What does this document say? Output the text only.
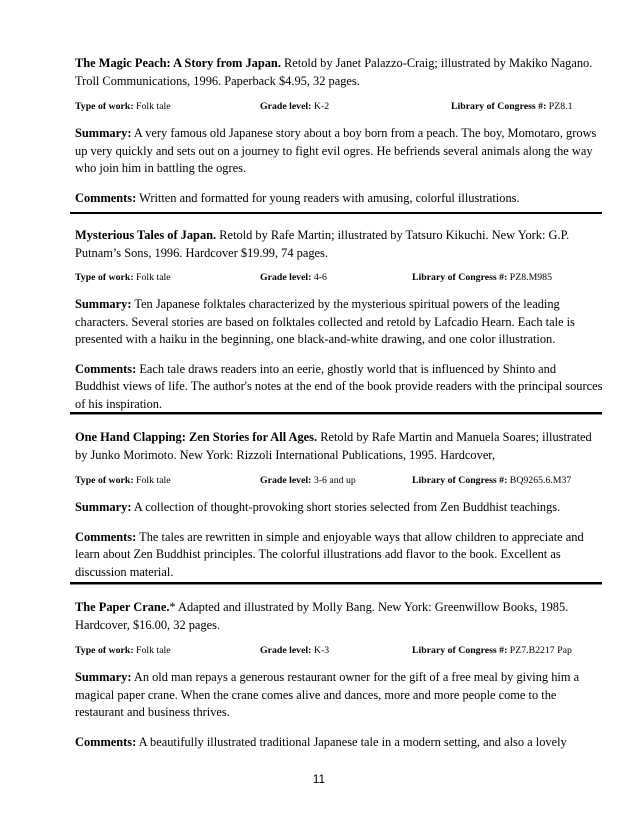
The Magic Peach: A Story from Japan. Retold by Janet Palazzo-Craig; illustrated by Makiko Nagano. Troll Communications, 1996. Paperback $4.95, 32 pages.

Type of work: Folk tale	Grade level: K-2	Library of Congress #: PZ8.1

Summary: A very famous old Japanese story about a boy born from a peach. The boy, Momotaro, grows up very quickly and sets out on a journey to fight evil ogres. He befriends several animals along the way who join him in battling the ogres.

Comments: Written and formatted for young readers with amusing, colorful illustrations.

Mysterious Tales of Japan. Retold by Rafe Martin; illustrated by Tatsuro Kikuchi. New York: G.P. Putnam’s Sons, 1996. Hardcover $19.99, 74 pages.

Type of work: Folk tale	Grade level: 4-6	Library of Congress #: PZ8.M985

Summary: Ten Japanese folktales characterized by the mysterious spiritual powers of the leading characters. Several stories are based on folktales collected and retold by Lafcadio Hearn. Each tale is presented with a haiku in the beginning, one black-and-white drawing, and one color illustration.

Comments: Each tale draws readers into an eerie, ghostly world that is influenced by Shinto and Buddhist views of life. The author's notes at the end of the book provide readers with the principal sources of his inspiration.

One Hand Clapping: Zen Stories for All Ages. Retold by Rafe Martin and Manuela Soares; illustrated by Junko Morimoto. New York: Rizzoli International Publications, 1995. Hardcover,

Type of work: Folk tale	Grade level: 3-6 and up	Library of Congress #: BQ9265.6.M37

Summary: A collection of thought-provoking short stories selected from Zen Buddhist teachings.

Comments: The tales are rewritten in simple and enjoyable ways that allow children to appreciate and learn about Zen Buddhist principles. The colorful illustrations add flavor to the book. Excellent as discussion material.

The Paper Crane.* Adapted and illustrated by Molly Bang. New York: Greenwillow Books, 1985. Hardcover, $16.00, 32 pages.

Type of work: Folk tale	Grade level: K-3	Library of Congress #: PZ7.B2217 Pap

Summary: An old man repays a generous restaurant owner for the gift of a free meal by giving him a magical paper crane. When the crane comes alive and dances, more and more people come to the restaurant and business thrives.

Comments: A beautifully illustrated traditional Japanese tale in a modern setting, and also a lovely

11
